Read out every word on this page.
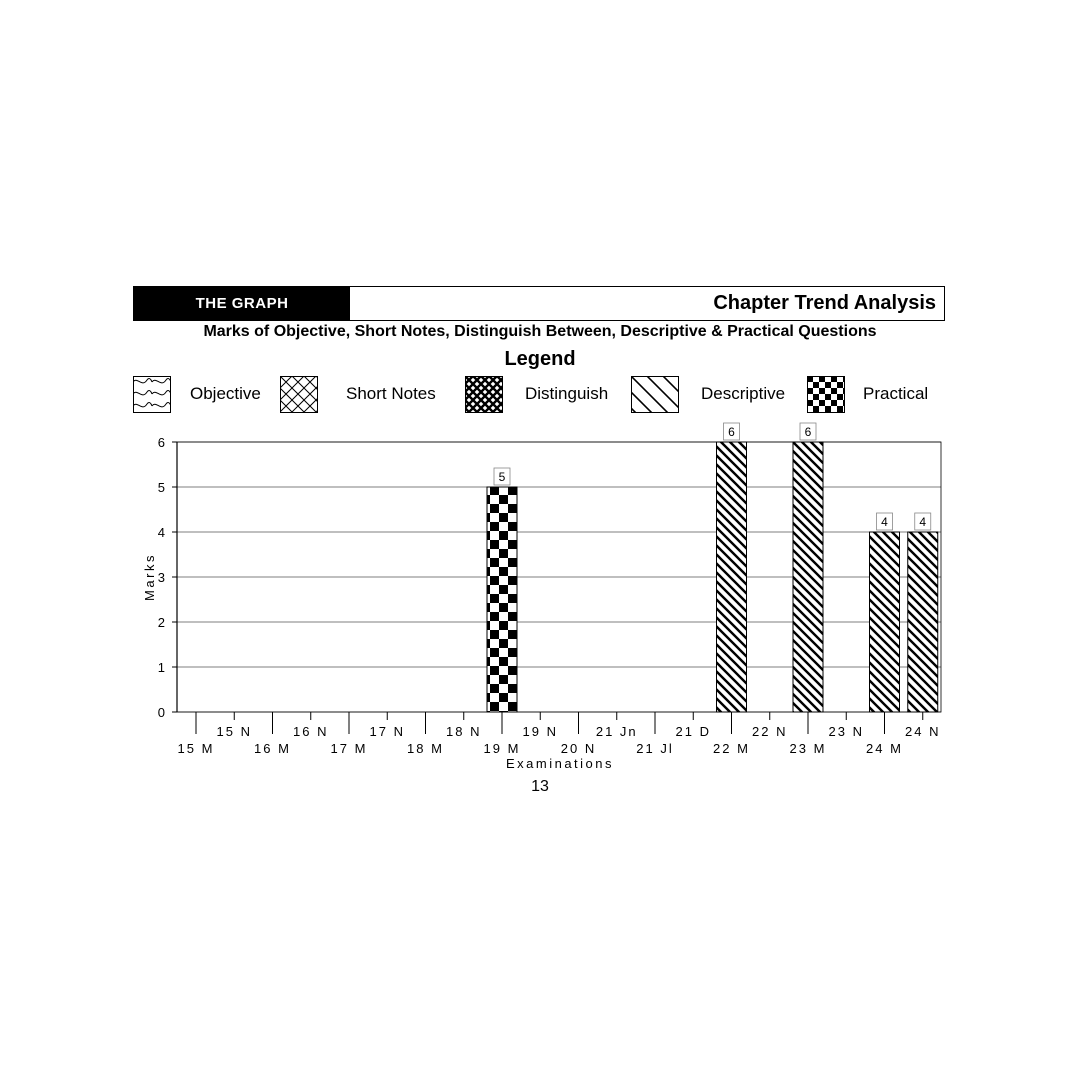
THE GRAPH	Chapter Trend Analysis
Marks of Objective, Short Notes, Distinguish Between, Descriptive & Practical Questions
Legend
Objective	Short Notes	Distinguish	Descriptive	Practical
6	6
4	4
5
0
1
2
3
4
5
6
15 M
15 N
16 M
16 N
17 M
17 N
18 M
18 N
19 M
19 N
20 N
21 Jn
21 Jl
21 D
22 M
22 N
23 M
23 N
24 M
24 N
Marks
Examinations
13
